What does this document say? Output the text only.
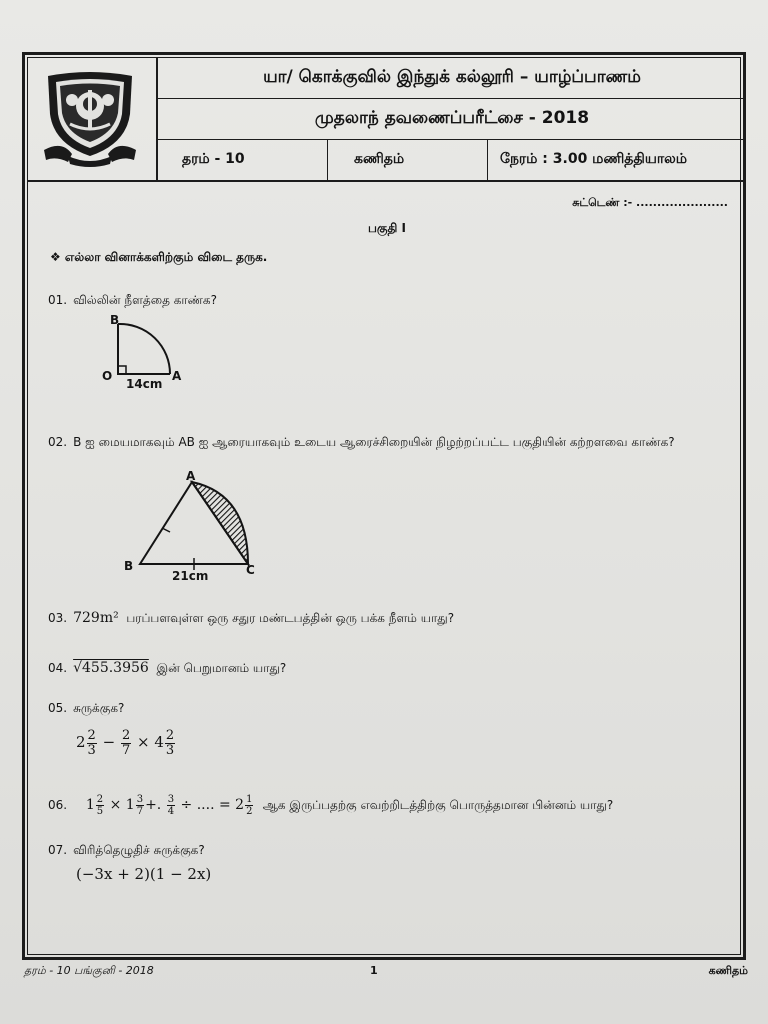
யா/ கொக்குவில் இந்துக் கல்லூரி – யாழ்ப்பாணம்
முதலாந் தவணைப்பரீட்சை - 2018
தரம் - 10	கணிதம்	நேரம் : 3.00 மணித்தியாலம்
சுட்டெண் :- ......................
பகுதி I
❖ எல்லா வினாக்களிற்கும் விடை தருக.
01. வில்லின் நீளத்தை காண்க?
B
O	A
14cm
02. B ஐ மையமாகவும் AB ஐ ஆரையாகவும் உடைய ஆரைச்சிறையின் நிழற்றப்பட்ட பகுதியின் கற்றளவை காண்க?
A
B	C
21cm
03. 729m² பரப்பளவுள்ள ஒரு சதுர மண்டபத்தின் ஒரு பக்க நீளம் யாது?
04. √455.3956 இன் பெறுமானம் யாது?
05. சுருக்குக?
$2 \frac{2}{3} - \frac{2}{7} \times 4 \frac{2}{3}$
06. $1 \frac{2}{5} \times 1 \frac{3}{7}$ +. $\frac{3}{4}$ ÷ .... = $2 \frac{1}{2}$ ஆக இருப்பதற்கு எவற்றிடத்திற்கு பொருத்தமான பின்னம் யாது?
07. விரித்தெழுதிச் சுருக்குக?
(−3x + 2)(1 − 2x)
தரம் - 10 பங்குனி - 2018	1	கணிதம்
